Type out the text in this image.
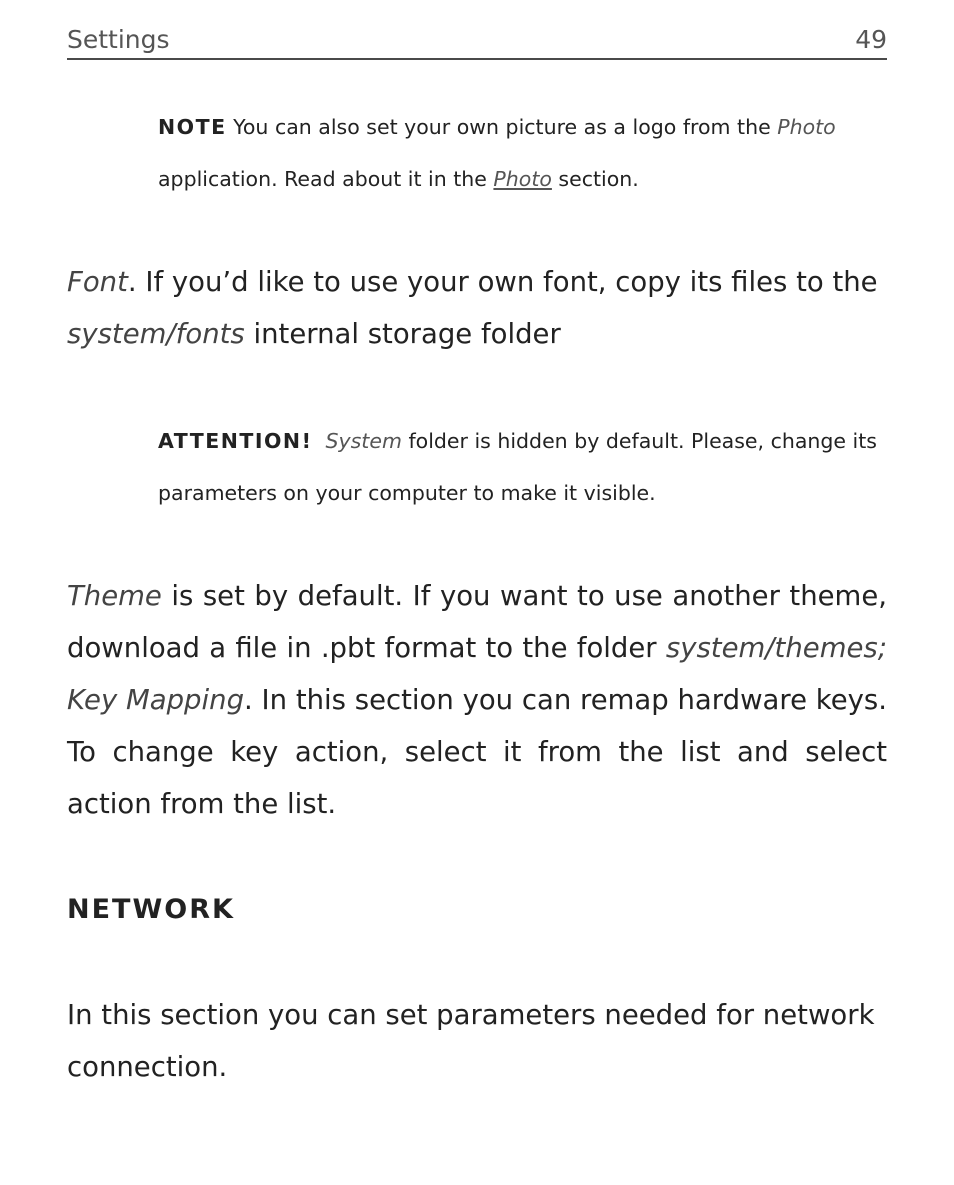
Settings	49
NOTE You can also set your own picture as a logo from the Photo application. Read about it in the Photo section.
Font. If you’d like to use your own font, copy its files to the system/fonts internal storage folder
ATTENTION! System folder is hidden by default. Please, change its parameters on your computer to make it visible.
Theme is set by default. If you want to use another theme, download a file in .pbt format to the folder system/themes; Key Mapping. In this section you can remap hardware keys. To change key action, select it from the list and select action from the list.
NETWORK
In this section you can set parameters needed for network connection.
